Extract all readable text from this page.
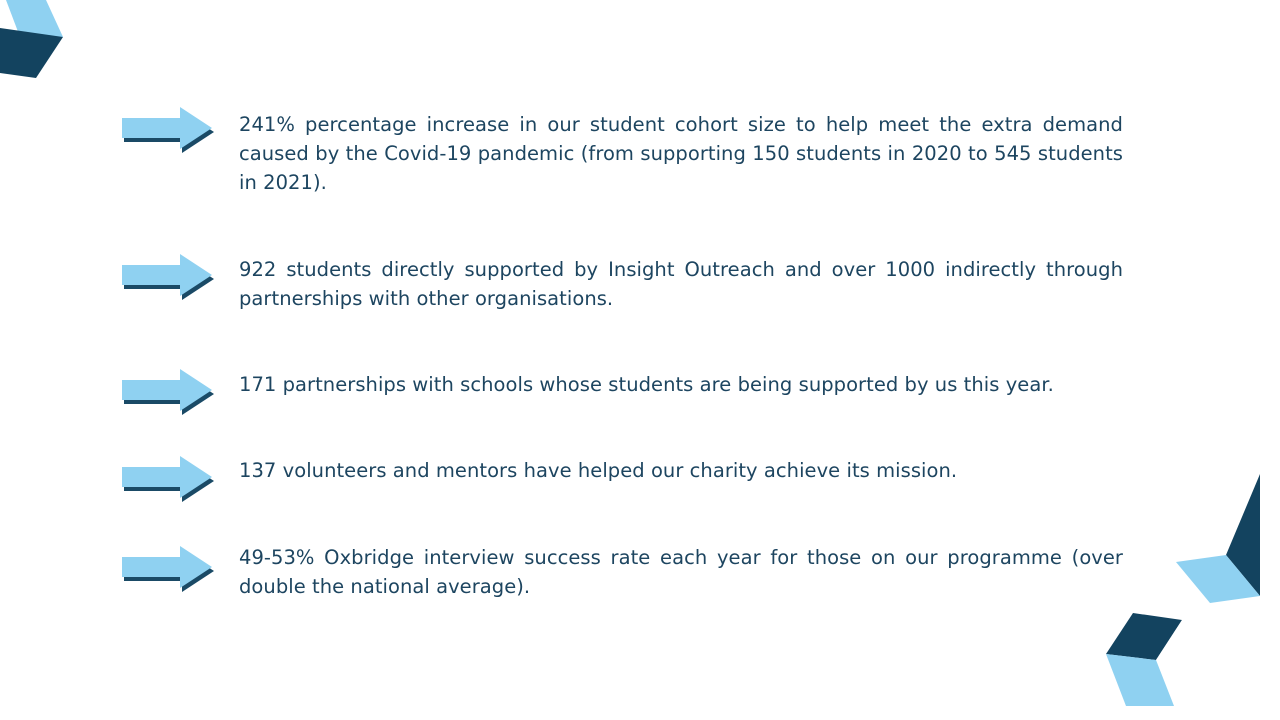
241% percentage increase in our student cohort size to help meet the extra demand caused by the Covid-19 pandemic (from supporting 150 students in 2020 to 545 students in 2021).

922 students directly supported by Insight Outreach and over 1000 indirectly through partnerships with other organisations.

171 partnerships with schools whose students are being supported by us this year.

137 volunteers and mentors have helped our charity achieve its mission.

49-53% Oxbridge interview success rate each year for those on our programme (over double the national average).
